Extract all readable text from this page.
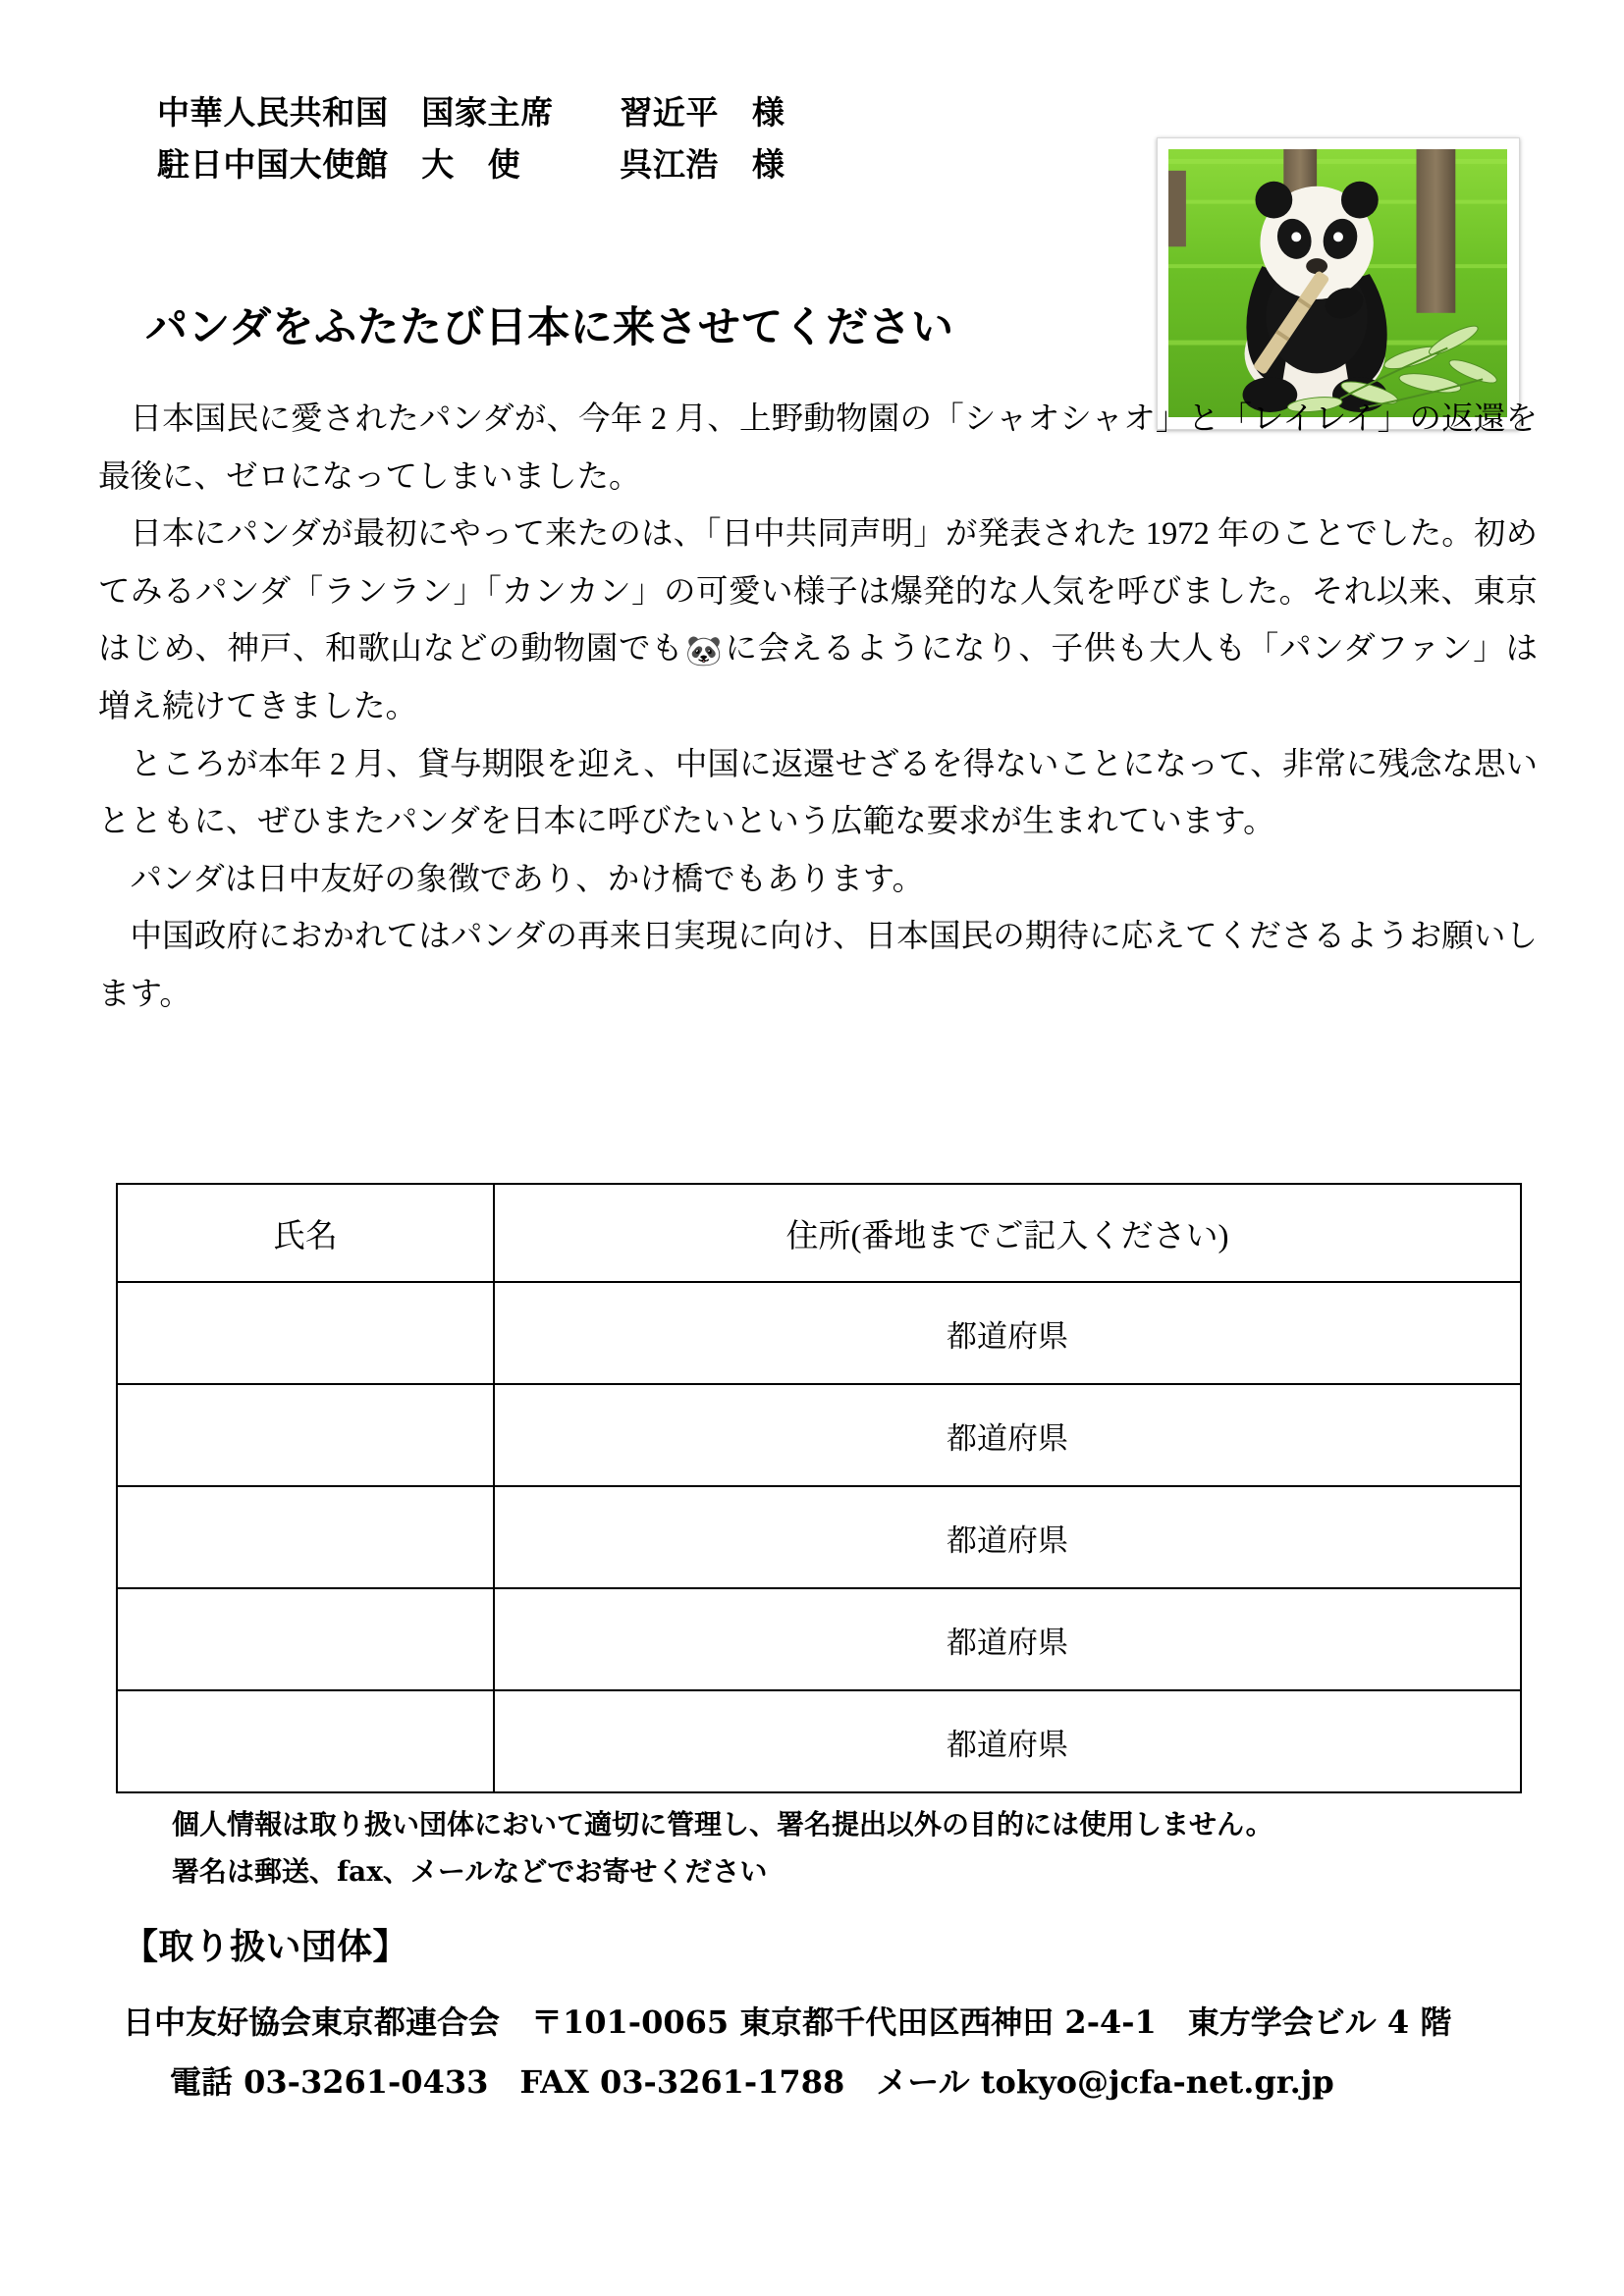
中華人民共和国　国家主席　　習近平　様
駐日中国大使館　大　使　　　呉江浩　様
パンダをふたたび日本に来させてください

日本国民に愛されたパンダが、今年 2 月、上野動物園の「シャオシャオ」と「レイレイ」の返還を最後に、ゼロになってしまいました。

日本にパンダが最初にやって来たのは、「日中共同声明」が発表された 1972 年のことでした。初めてみるパンダ「ランラン」「カンカン」の可愛い様子は爆発的な人気を呼びました。それ以来、東京はじめ、神戸、和歌山などの動物園でも🐼に会えるようになり、子供も大人も「パンダファン」は増え続けてきました。

ところが本年 2 月、貸与期限を迎え、中国に返還せざるを得ないことになって、非常に残念な思いとともに、ぜひまたパンダを日本に呼びたいという広範な要求が生まれています。

パンダは日中友好の象徴であり、かけ橋でもあります。

中国政府におかれてはパンダの再来日実現に向け、日本国民の期待に応えてくださるようお願いします。

氏名	住所(番地までご記入ください)
	都道府県
	都道府県
	都道府県
	都道府県
	都道府県
個人情報は取り扱い団体において適切に管理し、署名提出以外の目的には使用しません。
署名は郵送、fax、メールなどでお寄せください
【取り扱い団体】
日中友好協会東京都連合会　〒101-0065 東京都千代田区西神田 2-4-1　東方学会ビル 4 階
電話 03-3261-0433　FAX 03-3261-1788　メール tokyo@jcfa-net.gr.jp
